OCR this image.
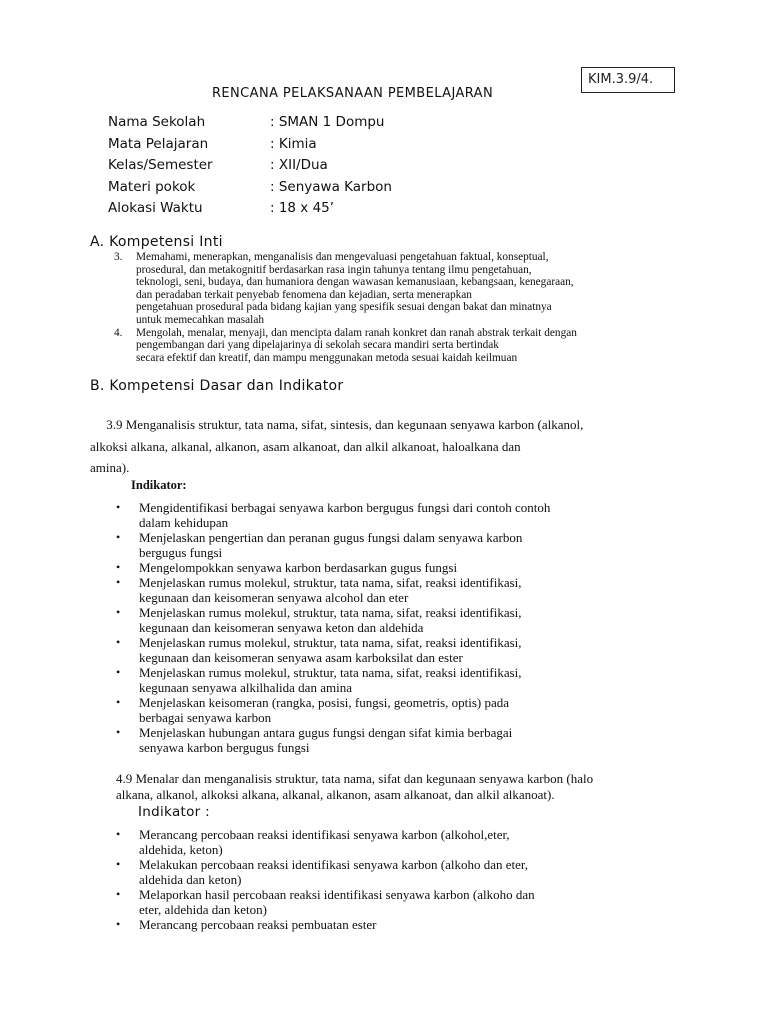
KIM.3.9/4.
RENCANA PELAKSANAAN PEMBELAJARAN
Nama Sekolah	: SMAN 1 Dompu
Mata Pelajaran	: Kimia
Kelas/Semester	: XII/Dua
Materi pokok	: Senyawa Karbon
Alokasi Waktu	: 18 x 45’
A. Kompetensi Inti
3.	Memahami, menerapkan, menganalisis dan mengevaluasi pengetahuan faktual, konseptual,
prosedural, dan metakognitif berdasarkan rasa ingin tahunya tentang ilmu pengetahuan,
teknologi, seni, budaya, dan humaniora dengan wawasan kemanusiaan, kebangsaan, kenegaraan,
dan peradaban terkait penyebab fenomena dan kejadian, serta menerapkan
pengetahuan prosedural pada bidang kajian yang spesifik sesuai dengan bakat dan minatnya
untuk memecahkan masalah
4.	Mengolah, menalar, menyaji, dan mencipta dalam ranah konkret dan ranah abstrak terkait dengan
pengembangan dari yang dipelajarinya di sekolah secara mandiri serta bertindak
secara efektif dan kreatif, dan mampu menggunakan metoda sesuai kaidah keilmuan
B. Kompetensi Dasar dan Indikator
3.9 Menganalisis struktur, tata nama, sifat, sintesis, dan kegunaan senyawa karbon (alkanol,
alkoksi alkana, alkanal, alkanon, asam alkanoat, dan alkil alkanoat, haloalkana dan
amina).
Indikator:
•	Mengidentifikasi berbagai senyawa karbon bergugus fungsi dari contoh contoh
dalam kehidupan
•	Menjelaskan pengertian dan peranan gugus fungsi dalam senyawa karbon
bergugus fungsi
•	Mengelompokkan senyawa karbon berdasarkan gugus fungsi
•	Menjelaskan rumus molekul, struktur, tata nama, sifat, reaksi identifikasi,
kegunaan dan keisomeran senyawa alcohol dan eter
•	Menjelaskan rumus molekul, struktur, tata nama, sifat, reaksi identifikasi,
kegunaan dan keisomeran senyawa keton dan aldehida
•	Menjelaskan rumus molekul, struktur, tata nama, sifat, reaksi identifikasi,
kegunaan dan keisomeran senyawa asam karboksilat dan ester
•	Menjelaskan rumus molekul, struktur, tata nama, sifat, reaksi identifikasi,
kegunaan senyawa alkilhalida dan amina
•	Menjelaskan keisomeran (rangka, posisi, fungsi, geometris, optis) pada
berbagai senyawa karbon
•	Menjelaskan hubungan antara gugus fungsi dengan sifat kimia berbagai
senyawa karbon bergugus fungsi
4.9 Menalar dan menganalisis struktur, tata nama, sifat dan kegunaan senyawa karbon (halo
alkana, alkanol, alkoksi alkana, alkanal, alkanon, asam alkanoat, dan alkil alkanoat).
Indikator :
•	Merancang percobaan reaksi identifikasi senyawa karbon (alkohol,eter,
aldehida, keton)
•	Melakukan percobaan reaksi identifikasi senyawa karbon (alkoho dan eter,
aldehida dan keton)
•	Melaporkan hasil percobaan reaksi identifikasi senyawa karbon (alkoho dan
eter, aldehida dan keton)
•	Merancang percobaan reaksi pembuatan ester
